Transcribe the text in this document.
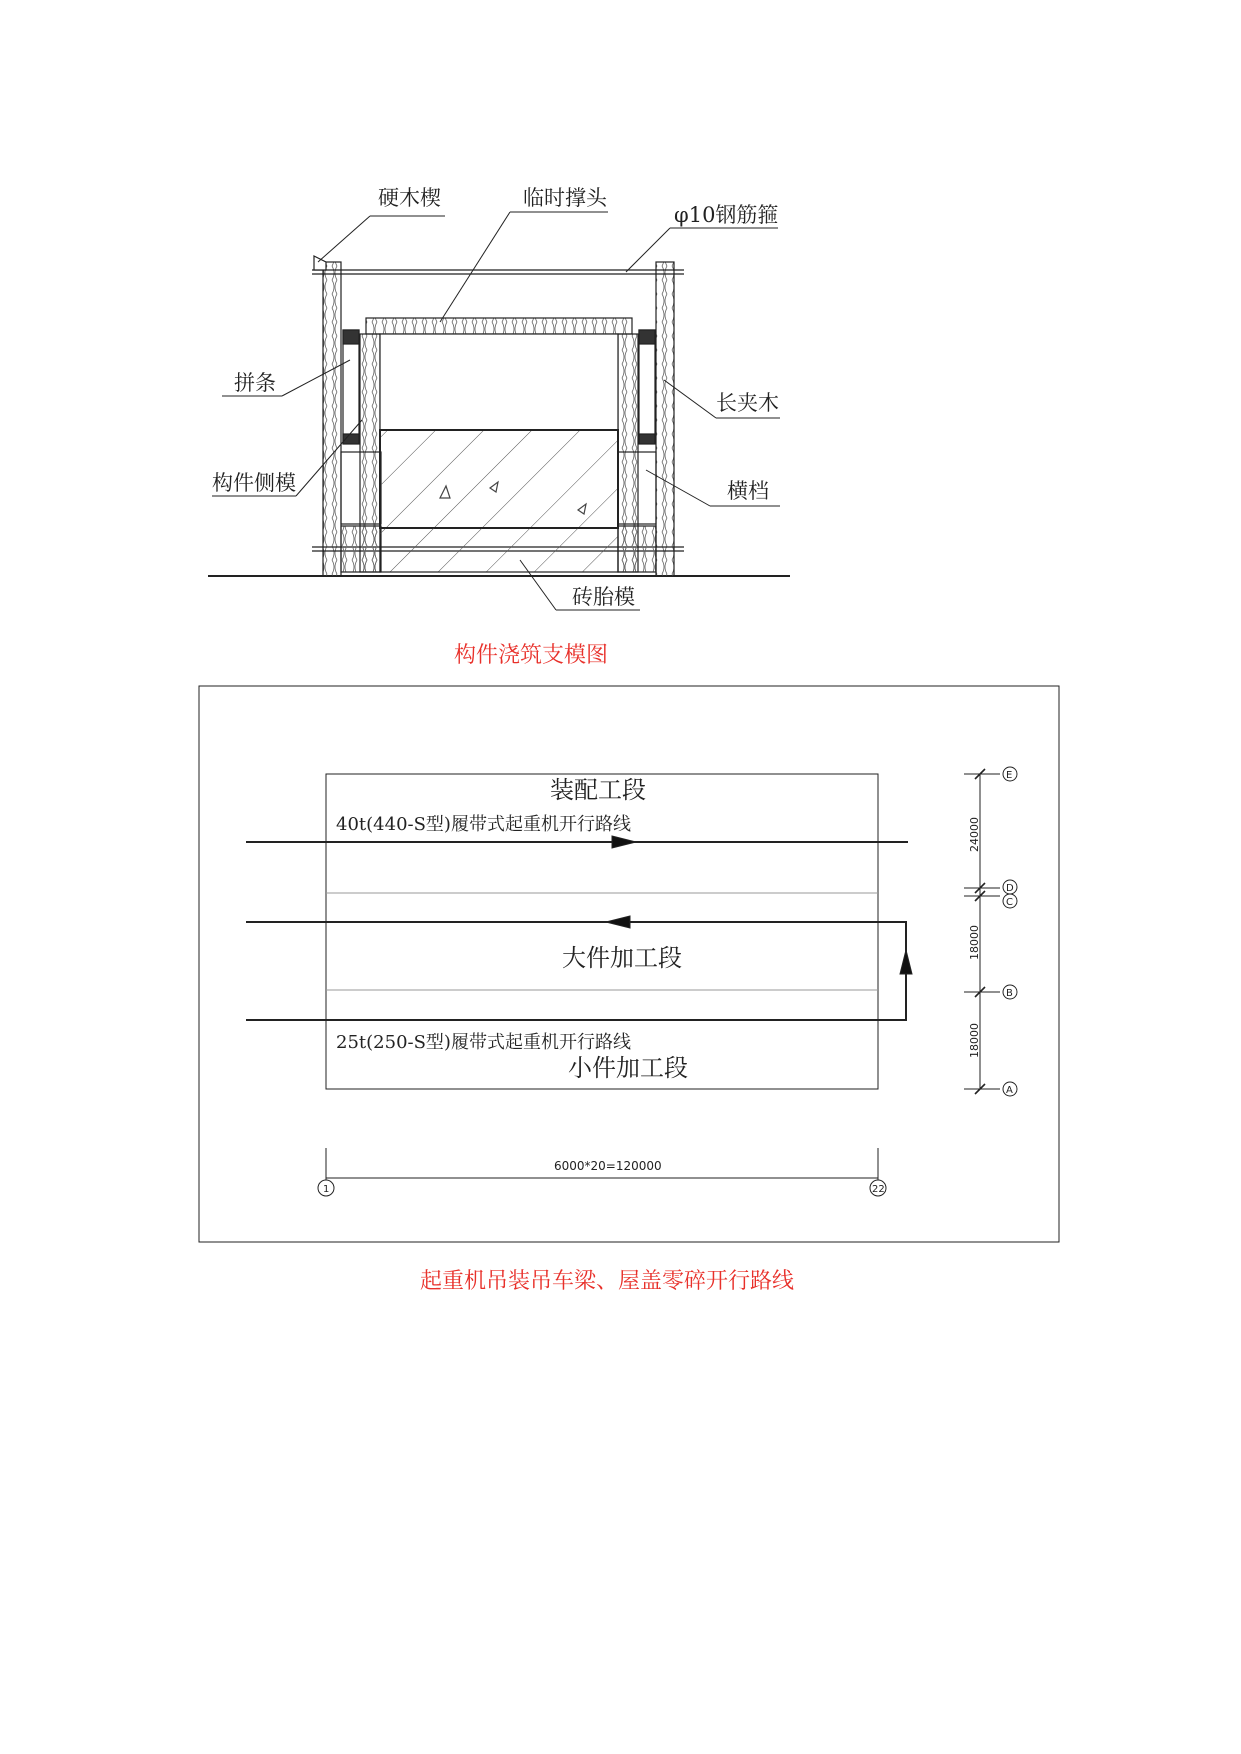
硬木楔	临时撑头
φ10钢筋箍
拼条
长夹木
构件侧模	横档
砖胎模
构件浇筑支模图
装配工段
40t(440-S型)履带式起重机开行路线
大件加工段
25t(250-S型)履带式起重机开行路线
小件加工段
24000
18000
18000
6000*20=120000
E
D
C
B
A
1	22
起重机吊装吊车梁、屋盖零碎开行路线
